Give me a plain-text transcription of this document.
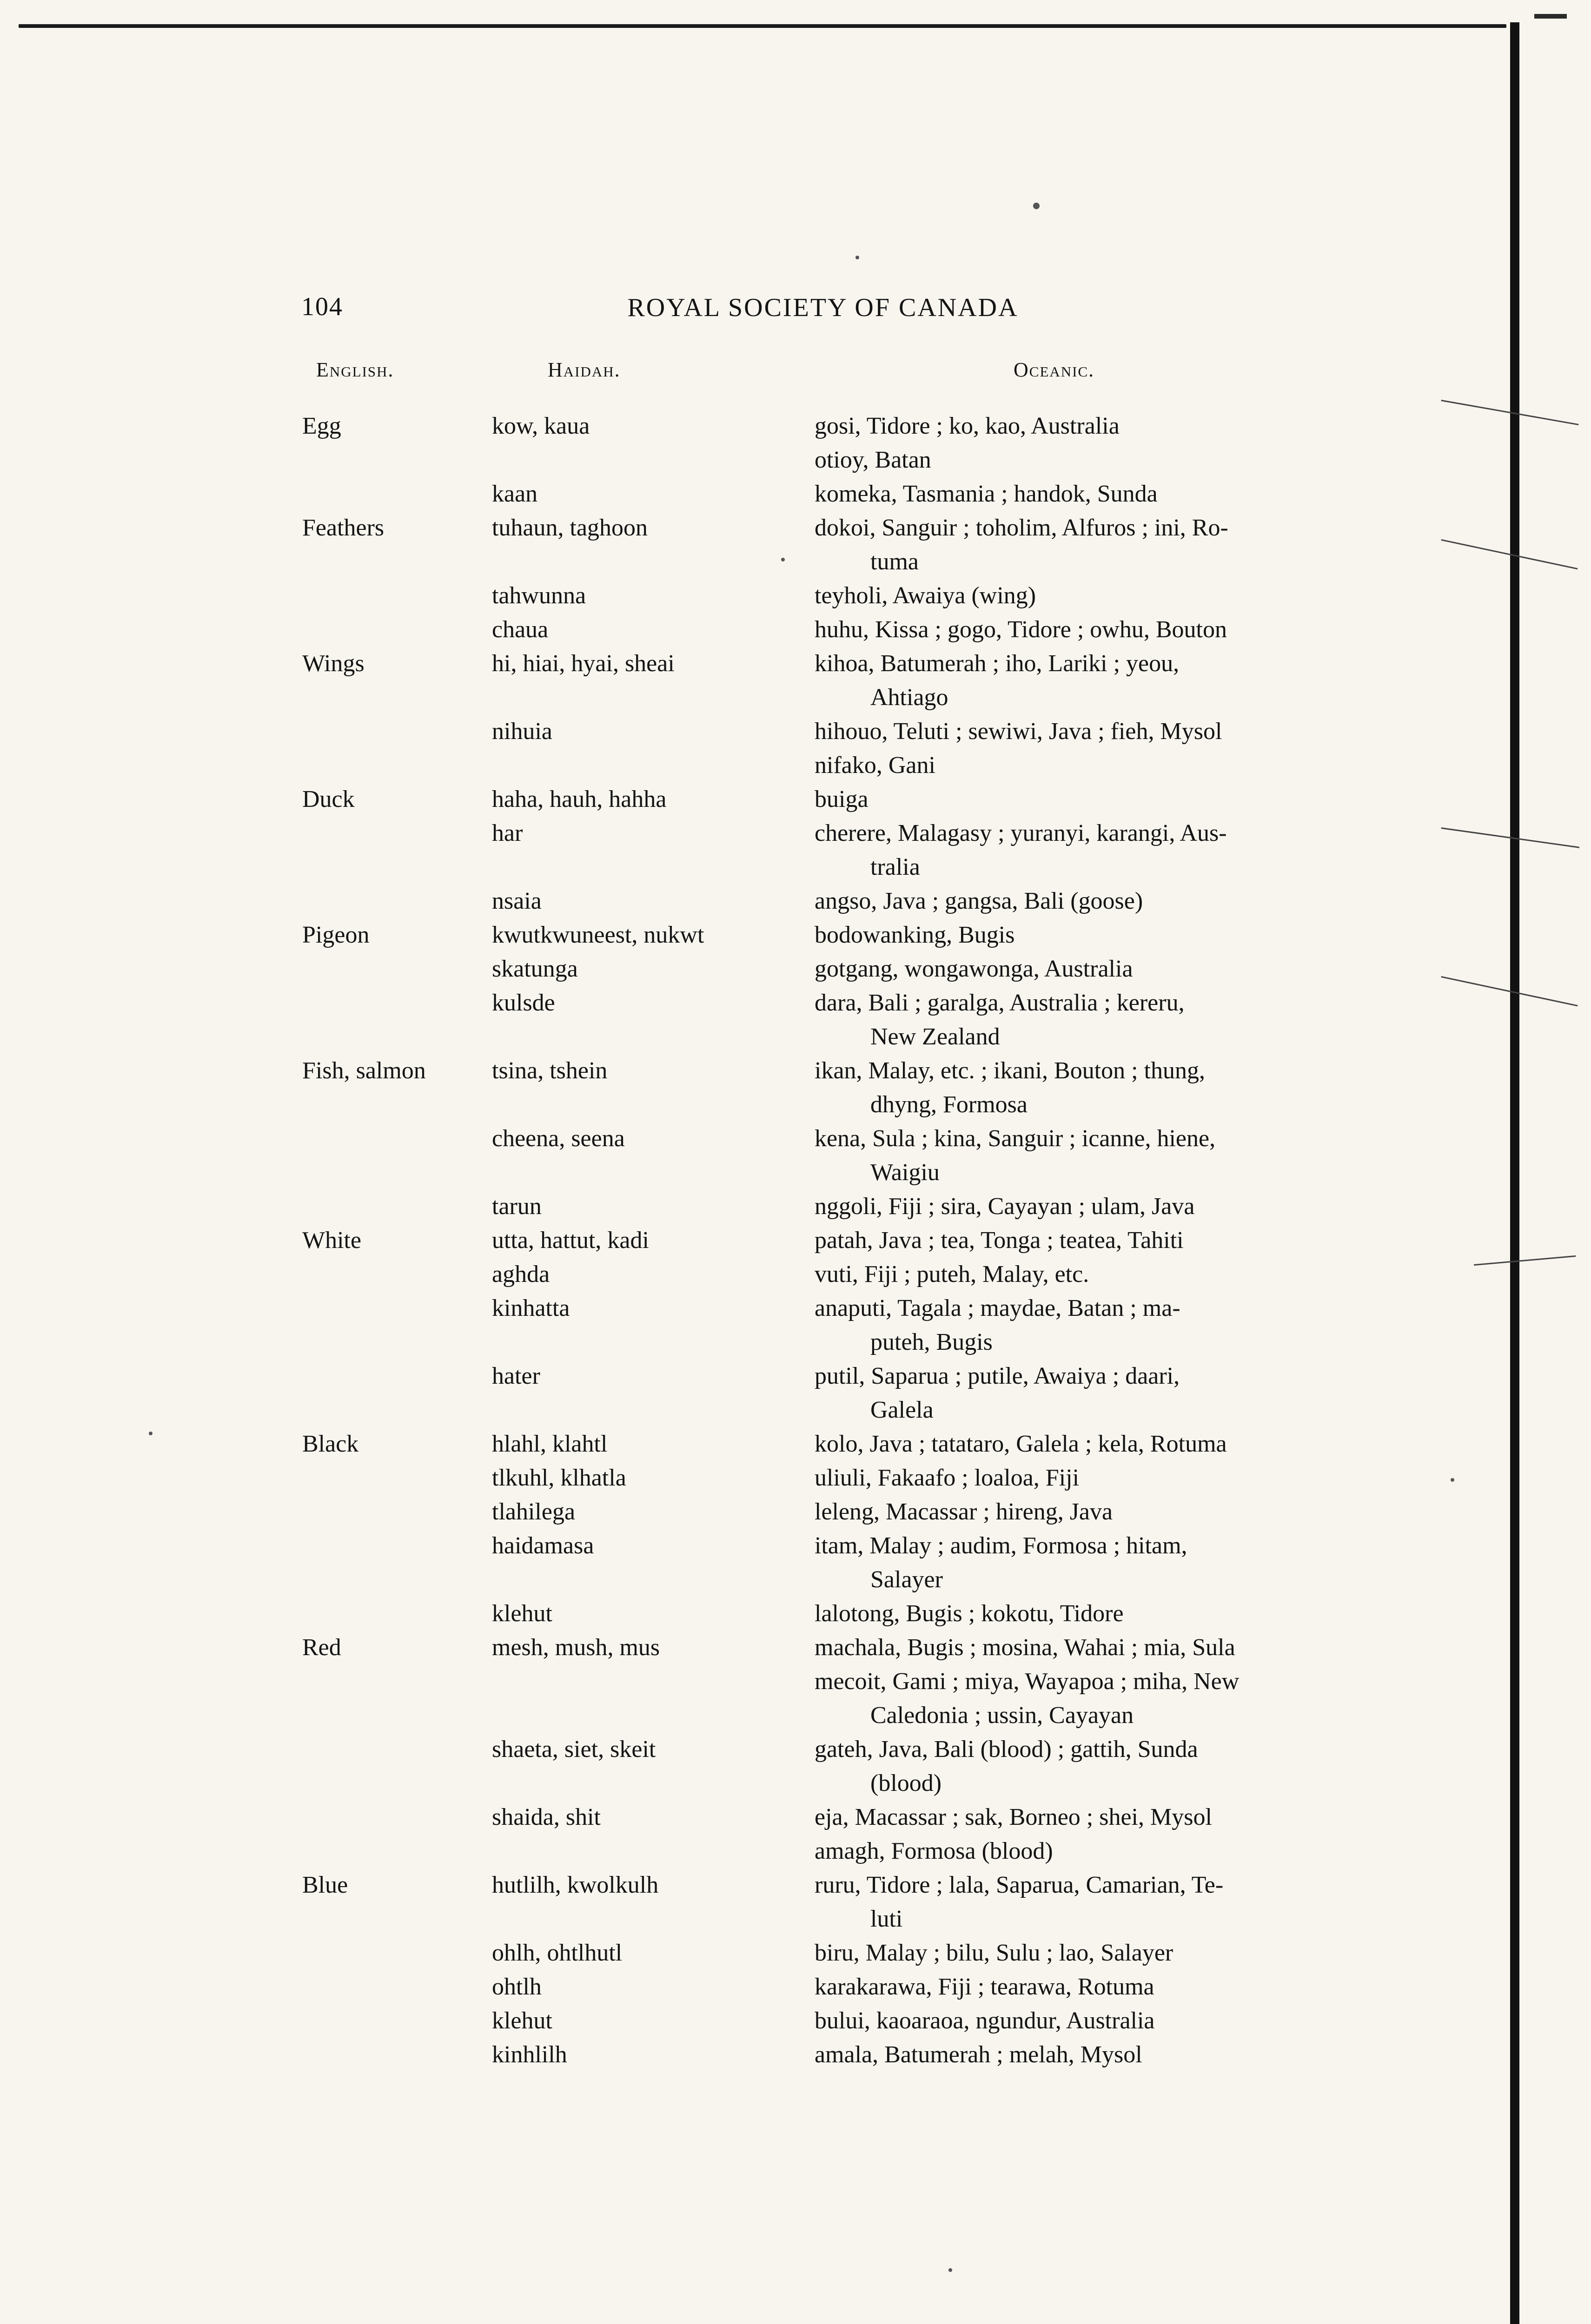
104	ROYAL SOCIETY OF CANADA
English.	Haidah.	Oceanic.
Egg	kow, kaua	gosi, Tidore ; ko, kao, Australia
otioy, Batan
kaan	komeka, Tasmania ; handok, Sunda
Feathers	tuhaun, taghoon	dokoi, Sanguir ; toholim, Alfuros ; ini, Ro-
tuma
tahwunna	teyholi, Awaiya (wing)
chaua	huhu, Kissa ; gogo, Tidore ; owhu, Bouton
Wings	hi, hiai, hyai, sheai	kihoa, Batumerah ; iho, Lariki ; yeou,
Ahtiago
nihuia	hihouo, Teluti ; sewiwi, Java ; fieh, Mysol
nifako, Gani
Duck	haha, hauh, hahha	buiga
har	cherere, Malagasy ; yuranyi, karangi, Aus-
tralia
nsaia	angso, Java ; gangsa, Bali (goose)
Pigeon	kwutkwuneest, nukwt	bodowanking, Bugis
skatunga	gotgang, wongawonga, Australia
kulsde	dara, Bali ; garalga, Australia ; kereru,
New Zealand
Fish, salmon	tsina, tshein	ikan, Malay, etc. ; ikani, Bouton ; thung,
dhyng, Formosa
cheena, seena	kena, Sula ; kina, Sanguir ; icanne, hiene,
Waigiu
tarun	nggoli, Fiji ; sira, Cayayan ; ulam, Java
White	utta, hattut, kadi	patah, Java ; tea, Tonga ; teatea, Tahiti
aghda	vuti, Fiji ; puteh, Malay, etc.
kinhatta	anaputi, Tagala ; maydae, Batan ; ma-
puteh, Bugis
hater	putil, Saparua ; putile, Awaiya ; daari,
Galela
Black	hlahl, klahtl	kolo, Java ; tatataro, Galela ; kela, Rotuma
tlkuhl, klhatla	uliuli, Fakaafo ; loaloa, Fiji
tlahilega	leleng, Macassar ; hireng, Java
haidamasa	itam, Malay ; audim, Formosa ; hitam,
Salayer
klehut	lalotong, Bugis ; kokotu, Tidore
Red	mesh, mush, mus	machala, Bugis ; mosina, Wahai ; mia, Sula
mecoit, Gami ; miya, Wayapoa ; miha, New
Caledonia ; ussin, Cayayan
shaeta, siet, skeit	gateh, Java, Bali (blood) ; gattih, Sunda
(blood)
shaida, shit	eja, Macassar ; sak, Borneo ; shei, Mysol
amagh, Formosa (blood)
Blue	hutlilh, kwolkulh	ruru, Tidore ; lala, Saparua, Camarian, Te-
luti
ohlh, ohtlhutl	biru, Malay ; bilu, Sulu ; lao, Salayer
ohtlh	karakarawa, Fiji ; tearawa, Rotuma
klehut	bului, kaoaraoa, ngundur, Australia
kinhlilh	amala, Batumerah ; melah, Mysol
